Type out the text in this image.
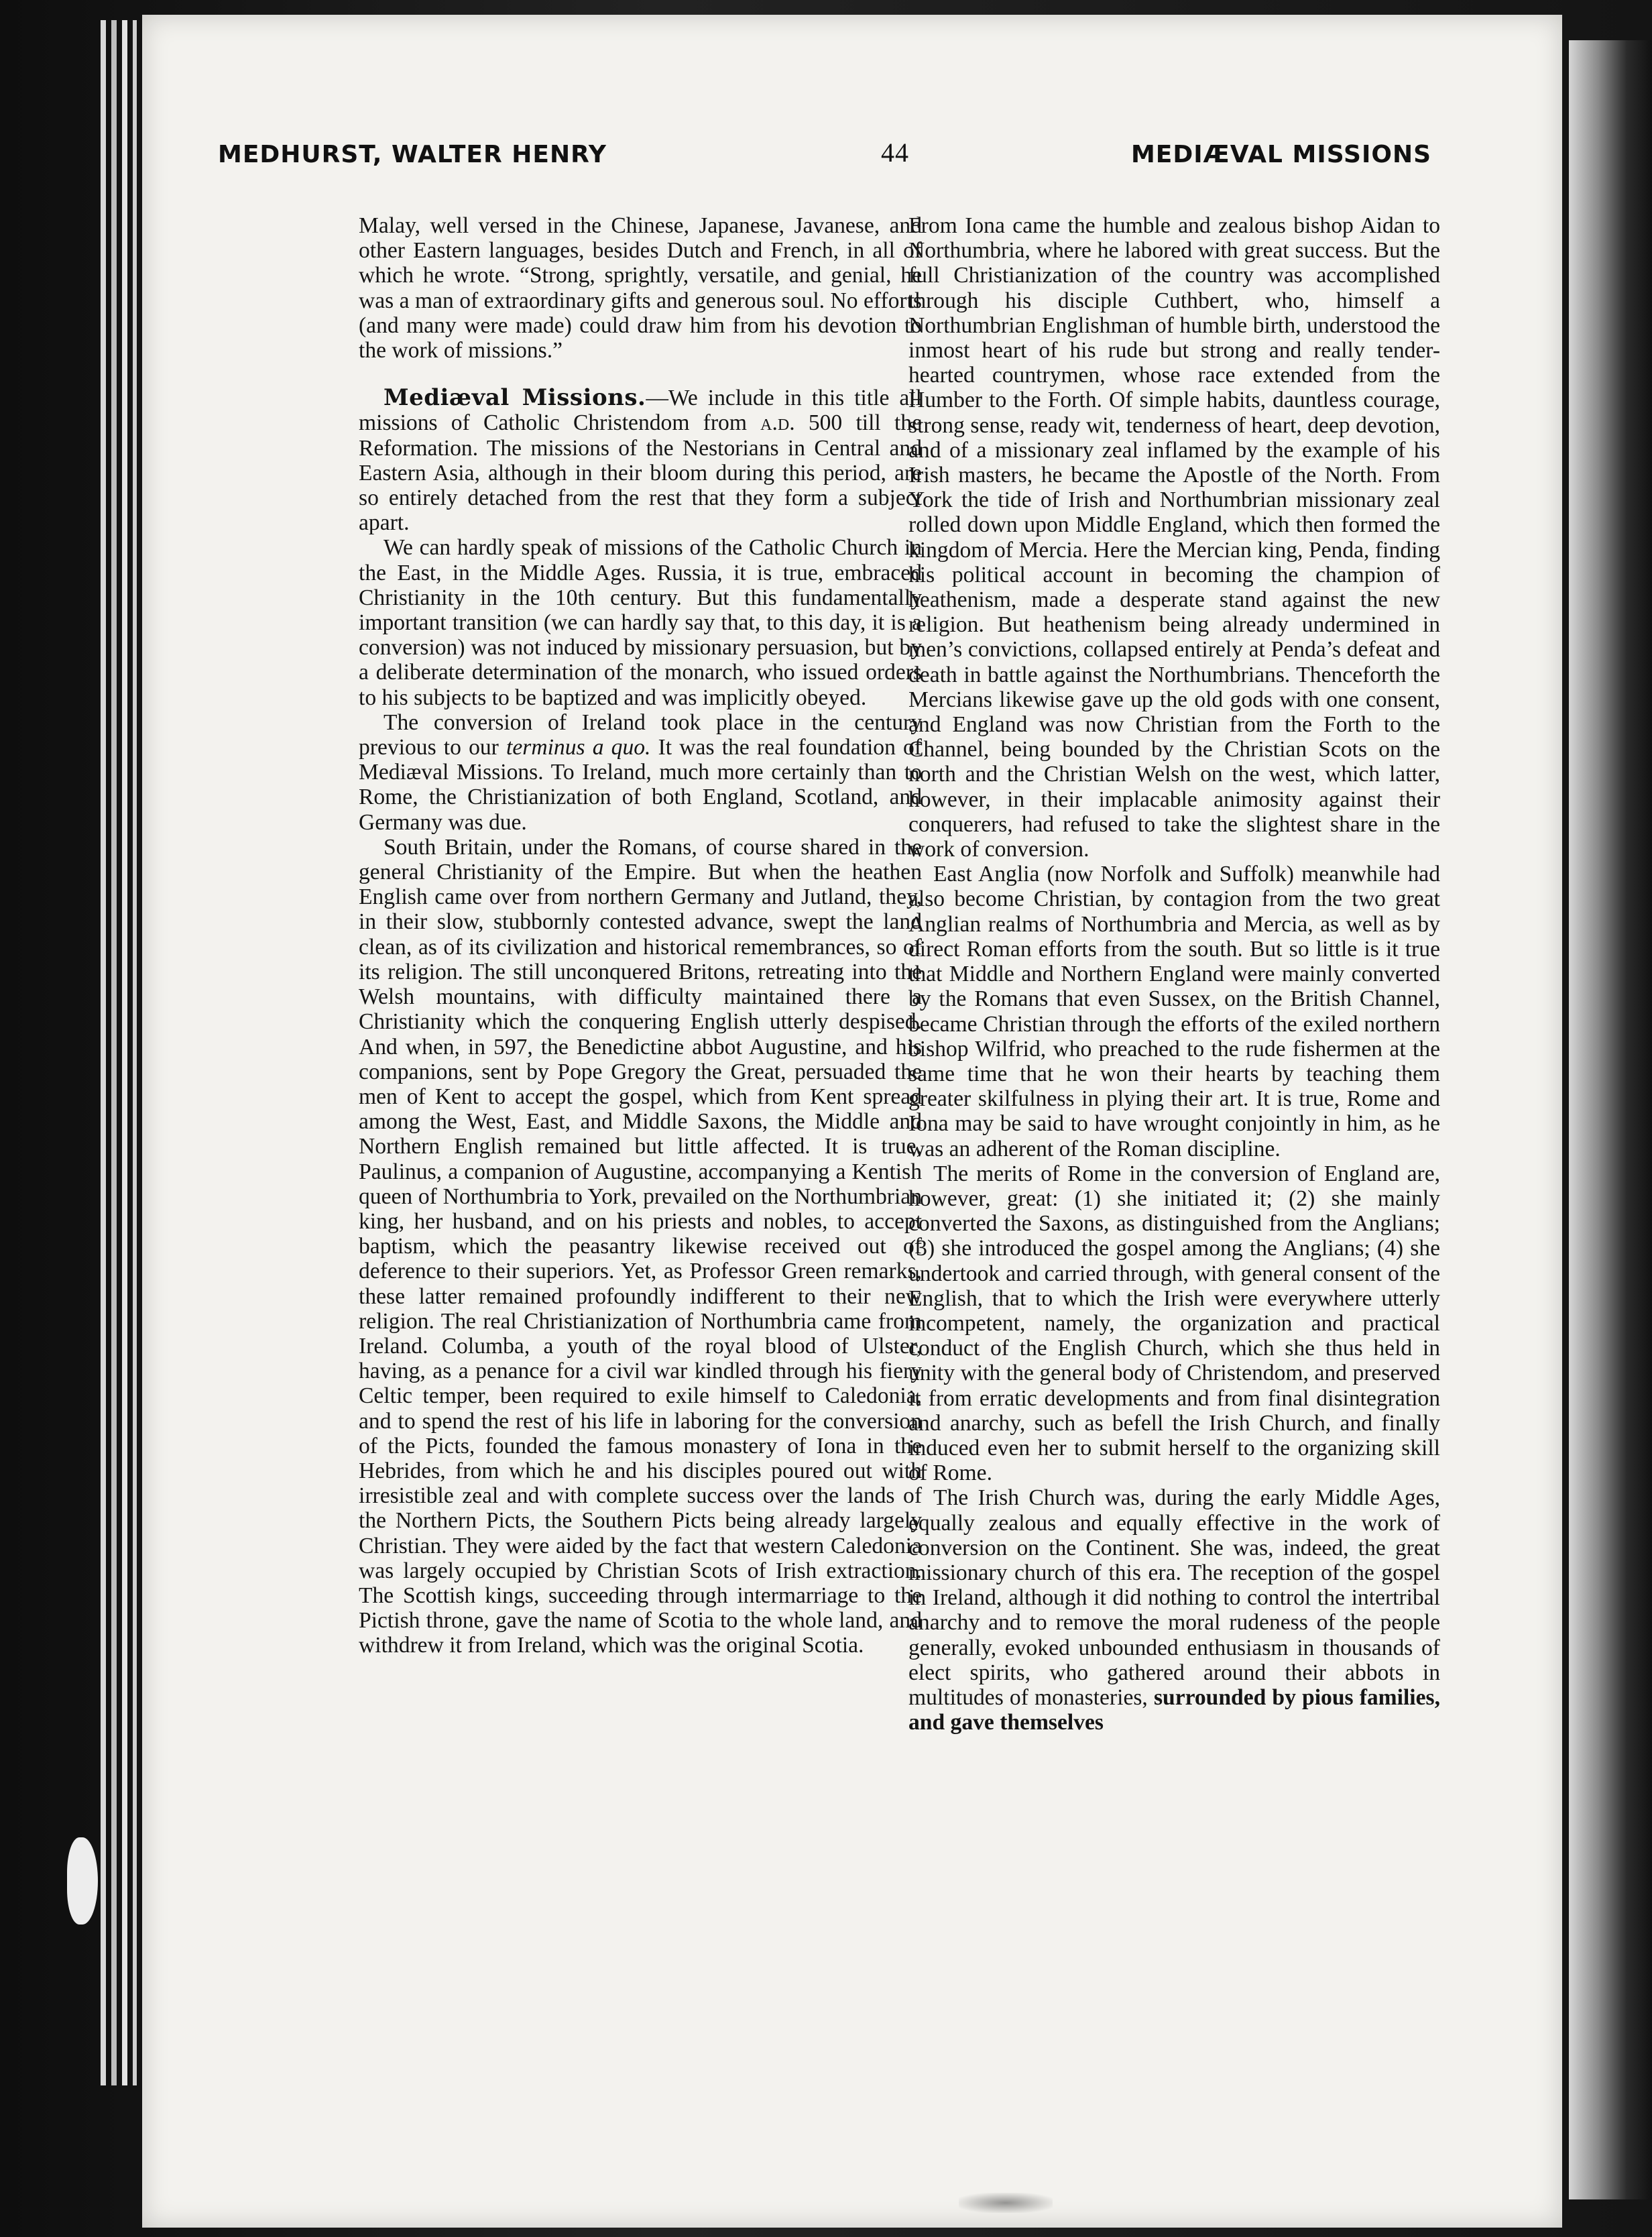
MEDHURST, WALTER HENRY	44	MEDIÆVAL MISSIONS

Malay, well versed in the Chinese, Japanese, Javanese, and other Eastern languages, besides Dutch and French, in all of which he wrote. “Strong, sprightly, versatile, and genial, he was a man of extraordinary gifts and generous soul. No efforts (and many were made) could draw him from his devotion to the work of missions.”

Mediæval Missions.—We include in this title all missions of Catholic Christendom from a.d. 500 till the Reformation. The missions of the Nestorians in Central and Eastern Asia, although in their bloom during this period, are so entirely detached from the rest that they form a subject apart.

We can hardly speak of missions of the Catholic Church in the East, in the Middle Ages. Russia, it is true, embraced Christianity in the 10th century. But this fundamentally important transition (we can hardly say that, to this day, it is a conversion) was not induced by missionary persuasion, but by a deliberate determination of the monarch, who issued orders to his subjects to be baptized and was implicitly obeyed.

The conversion of Ireland took place in the century previous to our terminus a quo. It was the real foundation of Mediæval Missions. To Ireland, much more certainly than to Rome, the Christianization of both England, Scotland, and Germany was due.

South Britain, under the Romans, of course shared in the general Christianity of the Empire. But when the heathen English came over from northern Germany and Jutland, they, in their slow, stubbornly contested advance, swept the land clean, as of its civilization and historical remembrances, so of its religion. The still unconquered Britons, retreating into the Welsh mountains, with difficulty maintained there a Christianity which the conquering English utterly despised. And when, in 597, the Benedictine abbot Augustine, and his companions, sent by Pope Gregory the Great, persuaded the men of Kent to accept the gospel, which from Kent spread among the West, East, and Middle Saxons, the Middle and Northern English remained but little affected. It is true, Paulinus, a companion of Augustine, accompanying a Kentish queen of Northumbria to York, prevailed on the Northumbrian king, her husband, and on his priests and nobles, to accept baptism, which the peasantry likewise received out of deference to their superiors. Yet, as Professor Green remarks, these latter remained profoundly indifferent to their new religion. The real Christianization of Northumbria came from Ireland. Columba, a youth of the royal blood of Ulster, having, as a penance for a civil war kindled through his fiery Celtic temper, been required to exile himself to Caledonia, and to spend the rest of his life in laboring for the conversion of the Picts, founded the famous monastery of Iona in the Hebrides, from which he and his disciples poured out with irresistible zeal and with complete success over the lands of the Northern Picts, the Southern Picts being already largely Christian. They were aided by the fact that western Caledonia was largely occupied by Christian Scots of Irish extraction. The Scottish kings, succeeding through intermarriage to the Pictish throne, gave the name of Scotia to the whole land, and withdrew it from Ireland, which was the original Scotia.

From Iona came the humble and zealous bishop Aidan to Northumbria, where he labored with great success. But the full Christianization of the country was accomplished through his disciple Cuthbert, who, himself a Northumbrian Englishman of humble birth, understood the inmost heart of his rude but strong and really tender-hearted countrymen, whose race extended from the Humber to the Forth. Of simple habits, dauntless courage, strong sense, ready wit, tenderness of heart, deep devotion, and of a missionary zeal inflamed by the example of his Irish masters, he became the Apostle of the North. From York the tide of Irish and Northumbrian missionary zeal rolled down upon Middle England, which then formed the kingdom of Mercia. Here the Mercian king, Penda, finding his political account in becoming the champion of heathenism, made a desperate stand against the new religion. But heathenism being already undermined in men’s convictions, collapsed entirely at Penda’s defeat and death in battle against the Northumbrians. Thenceforth the Mercians likewise gave up the old gods with one consent, and England was now Christian from the Forth to the Channel, being bounded by the Christian Scots on the north and the Christian Welsh on the west, which latter, however, in their implacable animosity against their conquerers, had refused to take the slightest share in the work of conversion.

East Anglia (now Norfolk and Suffolk) meanwhile had also become Christian, by contagion from the two great Anglian realms of Northumbria and Mercia, as well as by direct Roman efforts from the south. But so little is it true that Middle and Northern England were mainly converted by the Romans that even Sussex, on the British Channel, became Christian through the efforts of the exiled northern bishop Wilfrid, who preached to the rude fishermen at the same time that he won their hearts by teaching them greater skilfulness in plying their art. It is true, Rome and Iona may be said to have wrought conjointly in him, as he was an adherent of the Roman discipline.

The merits of Rome in the conversion of England are, however, great: (1) she initiated it; (2) she mainly converted the Saxons, as distinguished from the Anglians; (3) she introduced the gospel among the Anglians; (4) she undertook and carried through, with general consent of the English, that to which the Irish were everywhere utterly incompetent, namely, the organization and practical conduct of the English Church, which she thus held in unity with the general body of Christendom, and preserved it from erratic developments and from final disintegration and anarchy, such as befell the Irish Church, and finally induced even her to submit herself to the organizing skill of Rome.

The Irish Church was, during the early Middle Ages, equally zealous and equally effective in the work of conversion on the Continent. She was, indeed, the great missionary church of this era. The reception of the gospel in Ireland, although it did nothing to control the intertribal anarchy and to remove the moral rudeness of the people generally, evoked unbounded enthusiasm in thousands of elect spirits, who gathered around their abbots in multitudes of monasteries, surrounded by pious families, and gave themselves
